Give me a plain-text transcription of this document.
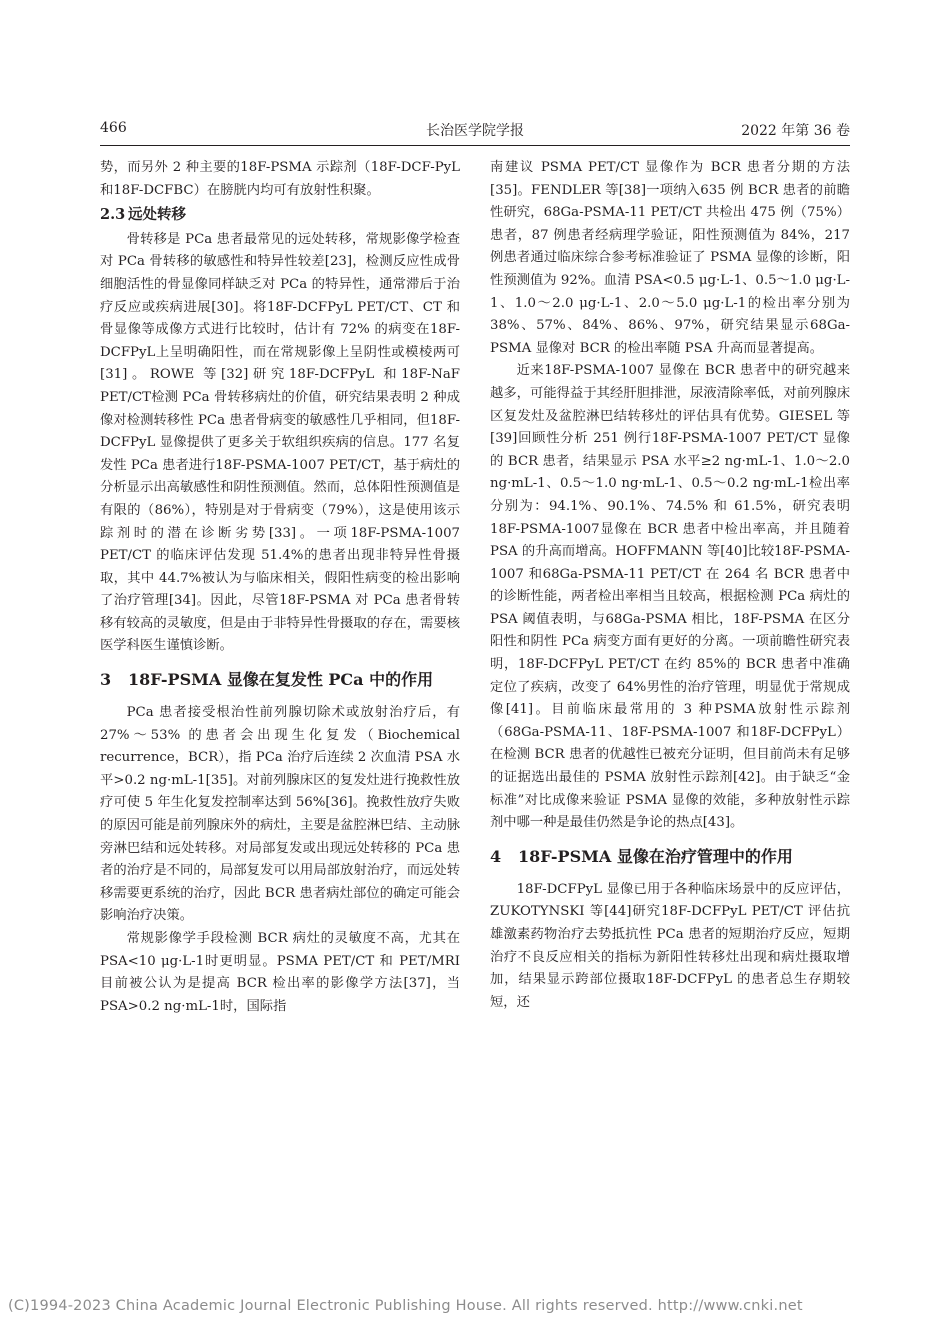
466	长治医学院学报	2022 年第 36 卷

势，而另外 2 种主要的18F-PSMA 示踪剂（18F-DCF-PyL 和18F-DCFBC）在膀胱内均可有放射性积聚。

2.3 远处转移

骨转移是 PCa 患者最常见的远处转移，常规影像学检查对 PCa 骨转移的敏感性和特异性较差[23]，检测反应性成骨细胞活性的骨显像同样缺乏对 PCa 的特异性，通常滞后于治疗反应或疾病进展[30]。将18F-DCFPyL PET/CT、CT 和骨显像等成像方式进行比较时，估计有 72% 的病变在18F-DCFPyL上呈明确阳性，而在常规影像上呈阴性或模棱两可[31]。ROWE 等[32]研究18F-DCFPyL 和18F-NaF PET/CT检测 PCa 骨转移病灶的价值，研究结果表明 2 种成像对检测转移性 PCa 患者骨病变的敏感性几乎相同，但18F-DCFPyL 显像提供了更多关于软组织疾病的信息。177 名复发性 PCa 患者进行18F-PSMA-1007 PET/CT，基于病灶的分析显示出高敏感性和阴性预测值。然而，总体阳性预测值是有限的（86%），特别是对于骨病变（79%），这是使用该示踪剂时的潜在诊断劣势[33]。一项18F-PSMA-1007 PET/CT 的临床评估发现 51.4%的患者出现非特异性骨摄取，其中 44.7%被认为与临床相关，假阳性病变的检出影响了治疗管理[34]。因此，尽管18F-PSMA 对 PCa 患者骨转移有较高的灵敏度，但是由于非特异性骨摄取的存在，需要核医学科医生谨慎诊断。

3 18F-PSMA 显像在复发性 PCa 中的作用

PCa 患者接受根治性前列腺切除术或放射治疗后，有 27%～53% 的患者会出现生化复发（Biochemical recurrence，BCR），指 PCa 治疗后连续 2 次血清 PSA 水平>0.2 ng·mL-1[35]。对前列腺床区的复发灶进行挽救性放疗可使 5 年生化复发控制率达到 56%[36]。挽救性放疗失败的原因可能是前列腺床外的病灶，主要是盆腔淋巴结、主动脉旁淋巴结和远处转移。对局部复发或出现远处转移的 PCa 患者的治疗是不同的，局部复发可以用局部放射治疗，而远处转移需要更系统的治疗，因此 BCR 患者病灶部位的确定可能会影响治疗决策。

常规影像学手段检测 BCR 病灶的灵敏度不高，尤其在 PSA<10 μg·L-1时更明显。PSMA PET/CT 和 PET/MRI 目前被公认为是提高 BCR 检出率的影像学方法[37]，当 PSA>0.2 ng·mL-1时，国际指

南建议 PSMA PET/CT 显像作为 BCR 患者分期的方法[35]。FENDLER 等[38]一项纳入635 例 BCR 患者的前瞻性研究，68Ga-PSMA-11 PET/CT 共检出 475 例（75%）患者，87 例患者经病理学验证，阳性预测值为 84%，217 例患者通过临床综合参考标准验证了 PSMA 显像的诊断，阳性预测值为 92%。血清 PSA<0.5 μg·L-1、0.5～1.0 μg·L-1、1.0～2.0 μg·L-1、2.0～5.0 μg·L-1的检出率分别为 38%、57%、84%、86%、97%，研究结果显示68Ga-PSMA 显像对 BCR 的检出率随 PSA 升高而显著提高。

近来18F-PSMA-1007 显像在 BCR 患者中的研究越来越多，可能得益于其经肝胆排泄，尿液清除率低，对前列腺床区复发灶及盆腔淋巴结转移灶的评估具有优势。GIESEL 等[39]回顾性分析 251 例行18F-PSMA-1007 PET/CT 显像的 BCR 患者，结果显示 PSA 水平≥2 ng·mL-1、1.0～2.0 ng·mL-1、0.5～1.0 ng·mL-1、0.5～0.2 ng·mL-1检出率分别为：94.1%、90.1%、74.5% 和 61.5%，研究表明18F-PSMA-1007显像在 BCR 患者中检出率高，并且随着 PSA 的升高而增高。HOFFMANN 等[40]比较18F-PSMA-1007 和68Ga-PSMA-11 PET/CT 在 264 名 BCR 患者中的诊断性能，两者检出率相当且较高，根据检测 PCa 病灶的 PSA 阈值表明，与68Ga-PSMA 相比，18F-PSMA 在区分阳性和阴性 PCa 病变方面有更好的分离。一项前瞻性研究表明，18F-DCFPyL PET/CT 在约 85%的 BCR 患者中准确定位了疾病，改变了 64%男性的治疗管理，明显优于常规成像[41]。目前临床最常用的 3 种PSMA放射性示踪剂（68Ga-PSMA-11、18F-PSMA-1007 和18F-DCFPyL）在检测 BCR 患者的优越性已被充分证明，但目前尚未有足够的证据选出最佳的 PSMA 放射性示踪剂[42]。由于缺乏“金标准”对比成像来验证 PSMA 显像的效能，多种放射性示踪剂中哪一种是最佳仍然是争论的热点[43]。

4 18F-PSMA 显像在治疗管理中的作用

18F-DCFPyL 显像已用于各种临床场景中的反应评估，ZUKOTYNSKI 等[44]研究18F-DCFPyL PET/CT 评估抗雄激素药物治疗去势抵抗性 PCa 患者的短期治疗反应，短期治疗不良反应相关的指标为新阳性转移灶出现和病灶摄取增加，结果显示跨部位摄取18F-DCFPyL 的患者总生存期较短，还

(C)1994-2023 China Academic Journal Electronic Publishing House. All rights reserved. http://www.cnki.net
